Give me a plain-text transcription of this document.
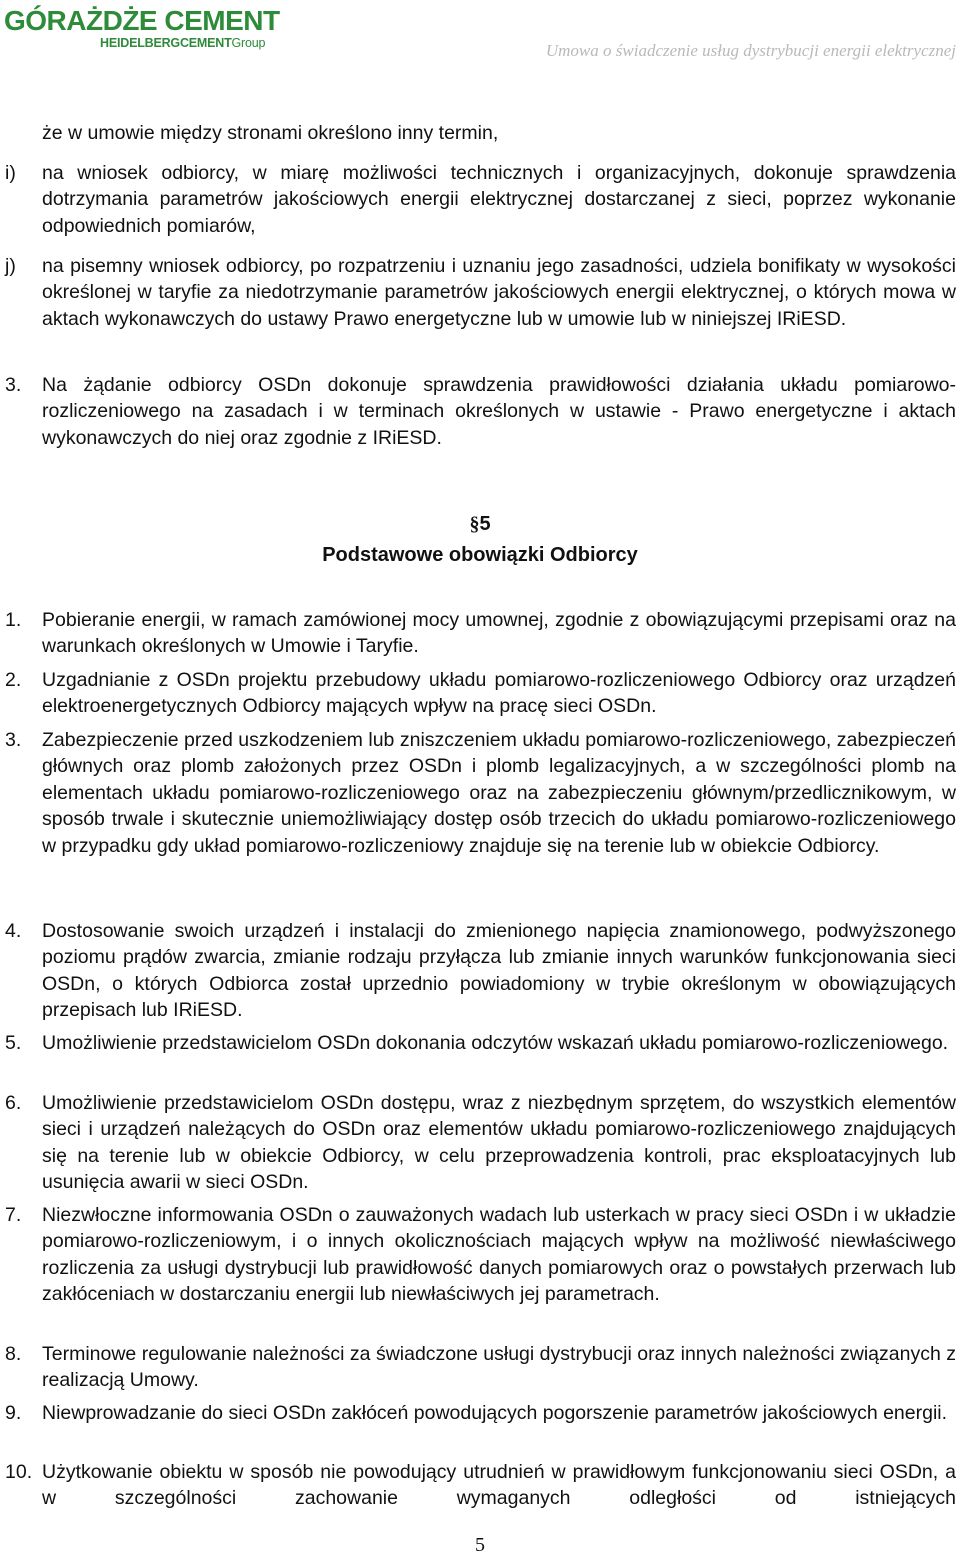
GÓRAŻDŻE CEMENT
HEIDELBERGCEMENTGroup	Umowa o świadczenie usług dystrybucji energii elektrycznej
że w umowie między stronami określono inny termin,
i) na wniosek odbiorcy, w miarę możliwości technicznych i organizacyjnych, dokonuje sprawdzenia dotrzymania parametrów jakościowych energii elektrycznej dostarczanej z sieci, poprzez wykonanie odpowiednich pomiarów,
j) na pisemny wniosek odbiorcy, po rozpatrzeniu i uznaniu jego zasadności, udziela bonifikaty w wysokości określonej w taryfie za niedotrzymanie parametrów jakościowych energii elektrycznej, o których mowa w aktach wykonawczych do ustawy Prawo energetyczne lub w umowie lub w niniejszej IRiESD.
3. Na żądanie odbiorcy OSDn dokonuje sprawdzenia prawidłowości działania układu pomiarowo-rozliczeniowego na zasadach i w terminach określonych w ustawie - Prawo energetyczne i aktach wykonawczych do niej oraz zgodnie z IRiESD.
§5
Podstawowe obowiązki Odbiorcy
1. Pobieranie energii, w ramach zamówionej mocy umownej, zgodnie z obowiązującymi przepisami oraz na warunkach określonych w Umowie i Taryfie.
2. Uzgadnianie z OSDn projektu przebudowy układu pomiarowo-rozliczeniowego Odbiorcy oraz urządzeń elektroenergetycznych Odbiorcy mających wpływ na pracę sieci OSDn.
3. Zabezpieczenie przed uszkodzeniem lub zniszczeniem układu pomiarowo-rozliczeniowego, zabezpieczeń głównych oraz plomb założonych przez OSDn i plomb legalizacyjnych, a w szczególności plomb na elementach układu pomiarowo-rozliczeniowego oraz na zabezpieczeniu głównym/przedlicznikowym, w sposób trwale i skutecznie uniemożliwiający dostęp osób trzecich do układu pomiarowo-rozliczeniowego w przypadku gdy układ pomiarowo-rozliczeniowy znajduje się na terenie lub w obiekcie Odbiorcy.
4. Dostosowanie swoich urządzeń i instalacji do zmienionego napięcia znamionowego, podwyższonego poziomu prądów zwarcia, zmianie rodzaju przyłącza lub zmianie innych warunków funkcjonowania sieci OSDn, o których Odbiorca został uprzednio powiadomiony w trybie określonym w obowiązujących przepisach lub IRiESD.
5. Umożliwienie przedstawicielom OSDn dokonania odczytów wskazań układu pomiarowo-rozliczeniowego.
6. Umożliwienie przedstawicielom OSDn dostępu, wraz z niezbędnym sprzętem, do wszystkich elementów sieci i urządzeń należących do OSDn oraz elementów układu pomiarowo-rozliczeniowego znajdujących się na terenie lub w obiekcie Odbiorcy, w celu przeprowadzenia kontroli, prac eksploatacyjnych lub usunięcia awarii w sieci OSDn.
7. Niezwłoczne informowania OSDn o zauważonych wadach lub usterkach w pracy sieci OSDn i w układzie pomiarowo-rozliczeniowym, i o innych okolicznościach mających wpływ na możliwość niewłaściwego rozliczenia za usługi dystrybucji lub prawidłowość danych pomiarowych oraz o powstałych przerwach lub zakłóceniach w dostarczaniu energii lub niewłaściwych jej parametrach.
8. Terminowe regulowanie należności za świadczone usługi dystrybucji oraz innych należności związanych z realizacją Umowy.
9. Niewprowadzanie do sieci OSDn zakłóceń powodujących pogorszenie parametrów jakościowych energii.
10. Użytkowanie obiektu w sposób nie powodujący utrudnień w prawidłowym funkcjonowaniu sieci OSDn, a w szczególności zachowanie wymaganych odległości od istniejących
5
